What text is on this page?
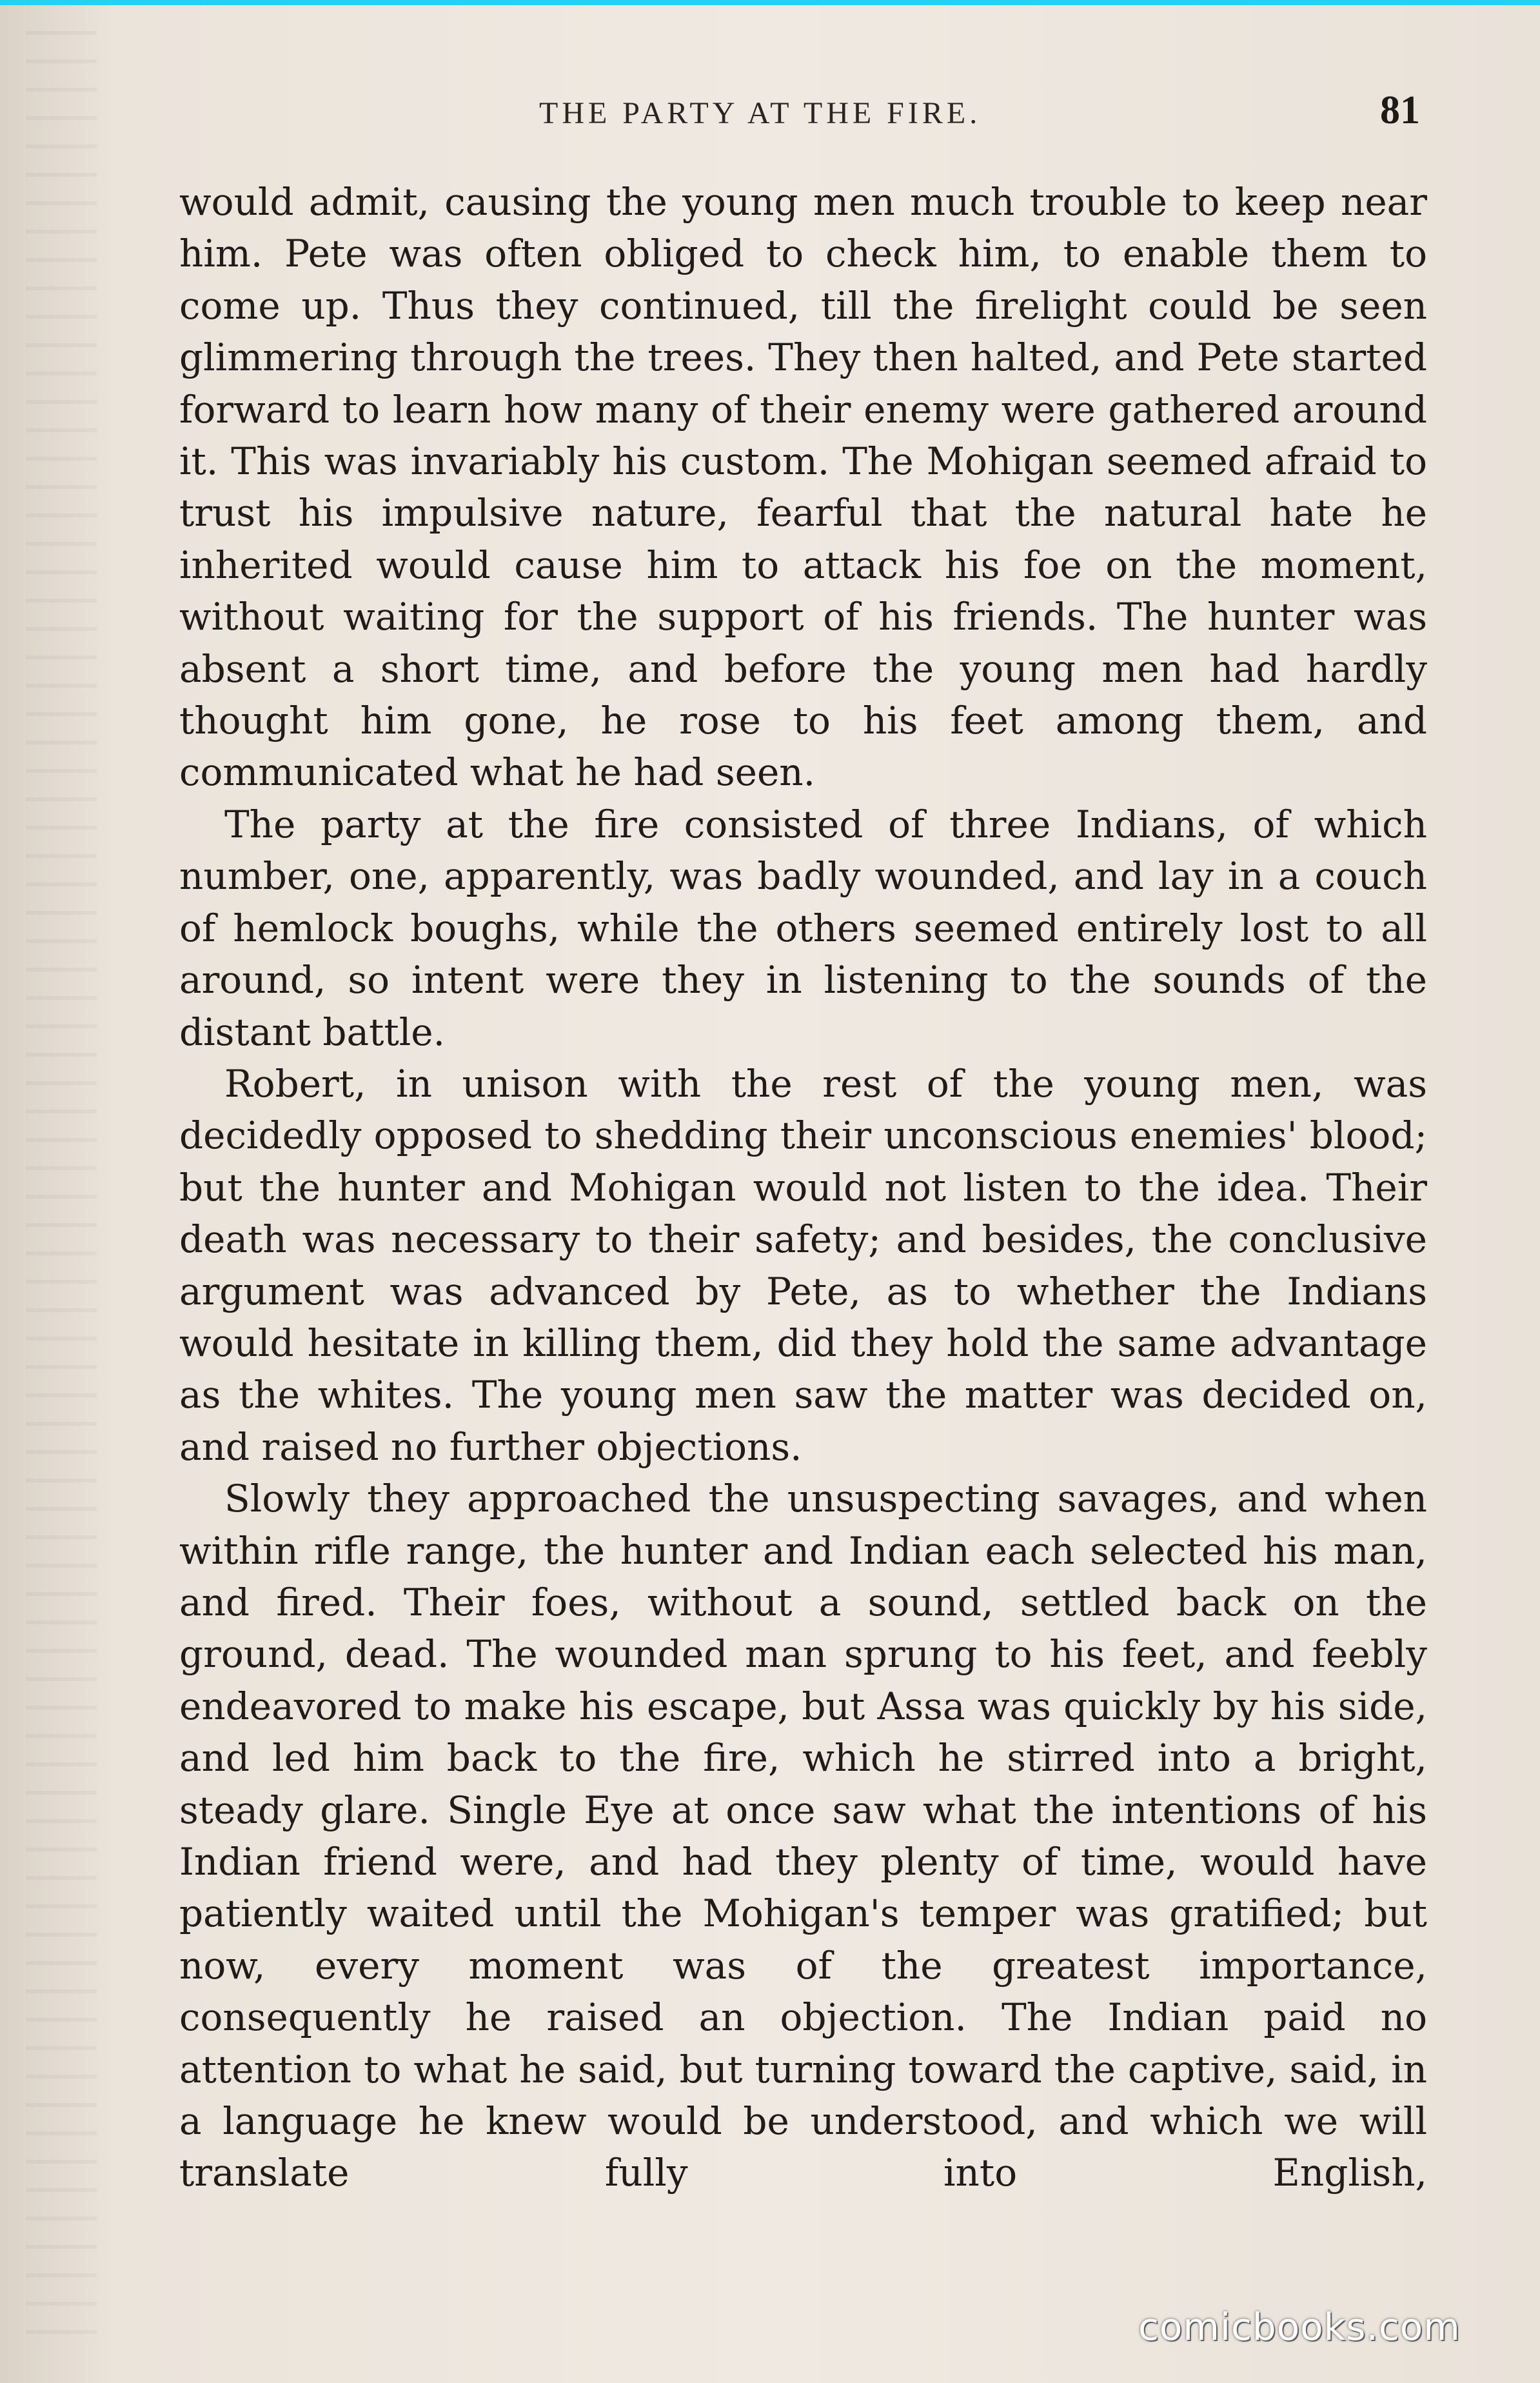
THE PARTY AT THE FIRE.	81

would admit, causing the young men much trouble to keep near him. Pete was often obliged to check him, to enable them to come up. Thus they continued, till the firelight could be seen glimmering through the trees. They then halted, and Pete started forward to learn how many of their enemy were gathered around it. This was invariably his custom. The Mohigan seemed afraid to trust his impulsive nature, fearful that the natural hate he inherited would cause him to attack his foe on the moment, without waiting for the support of his friends. The hunter was absent a short time, and before the young men had hardly thought him gone, he rose to his feet among them, and communicated what he had seen.

The party at the fire consisted of three Indians, of which number, one, apparently, was badly wounded, and lay in a couch of hemlock boughs, while the others seemed entirely lost to all around, so intent were they in listening to the sounds of the distant battle.

Robert, in unison with the rest of the young men, was decidedly opposed to shedding their unconscious enemies' blood; but the hunter and Mohigan would not listen to the idea. Their death was necessary to their safety; and besides, the conclusive argument was advanced by Pete, as to whether the Indians would hesitate in killing them, did they hold the same advantage as the whites. The young men saw the matter was decided on, and raised no further objections.

Slowly they approached the unsuspecting savages, and when within rifle range, the hunter and Indian each selected his man, and fired. Their foes, without a sound, settled back on the ground, dead. The wounded man sprung to his feet, and feebly endeavored to make his escape, but Assa was quickly by his side, and led him back to the fire, which he stirred into a bright, steady glare. Single Eye at once saw what the intentions of his Indian friend were, and had they plenty of time, would have patiently waited until the Mohigan's temper was gratified; but now, every moment was of the greatest importance, consequently he raised an objection. The Indian paid no attention to what he said, but turning toward the captive, said, in a language he knew would be understood, and which we will translate fully into English,

comicbooks.com
